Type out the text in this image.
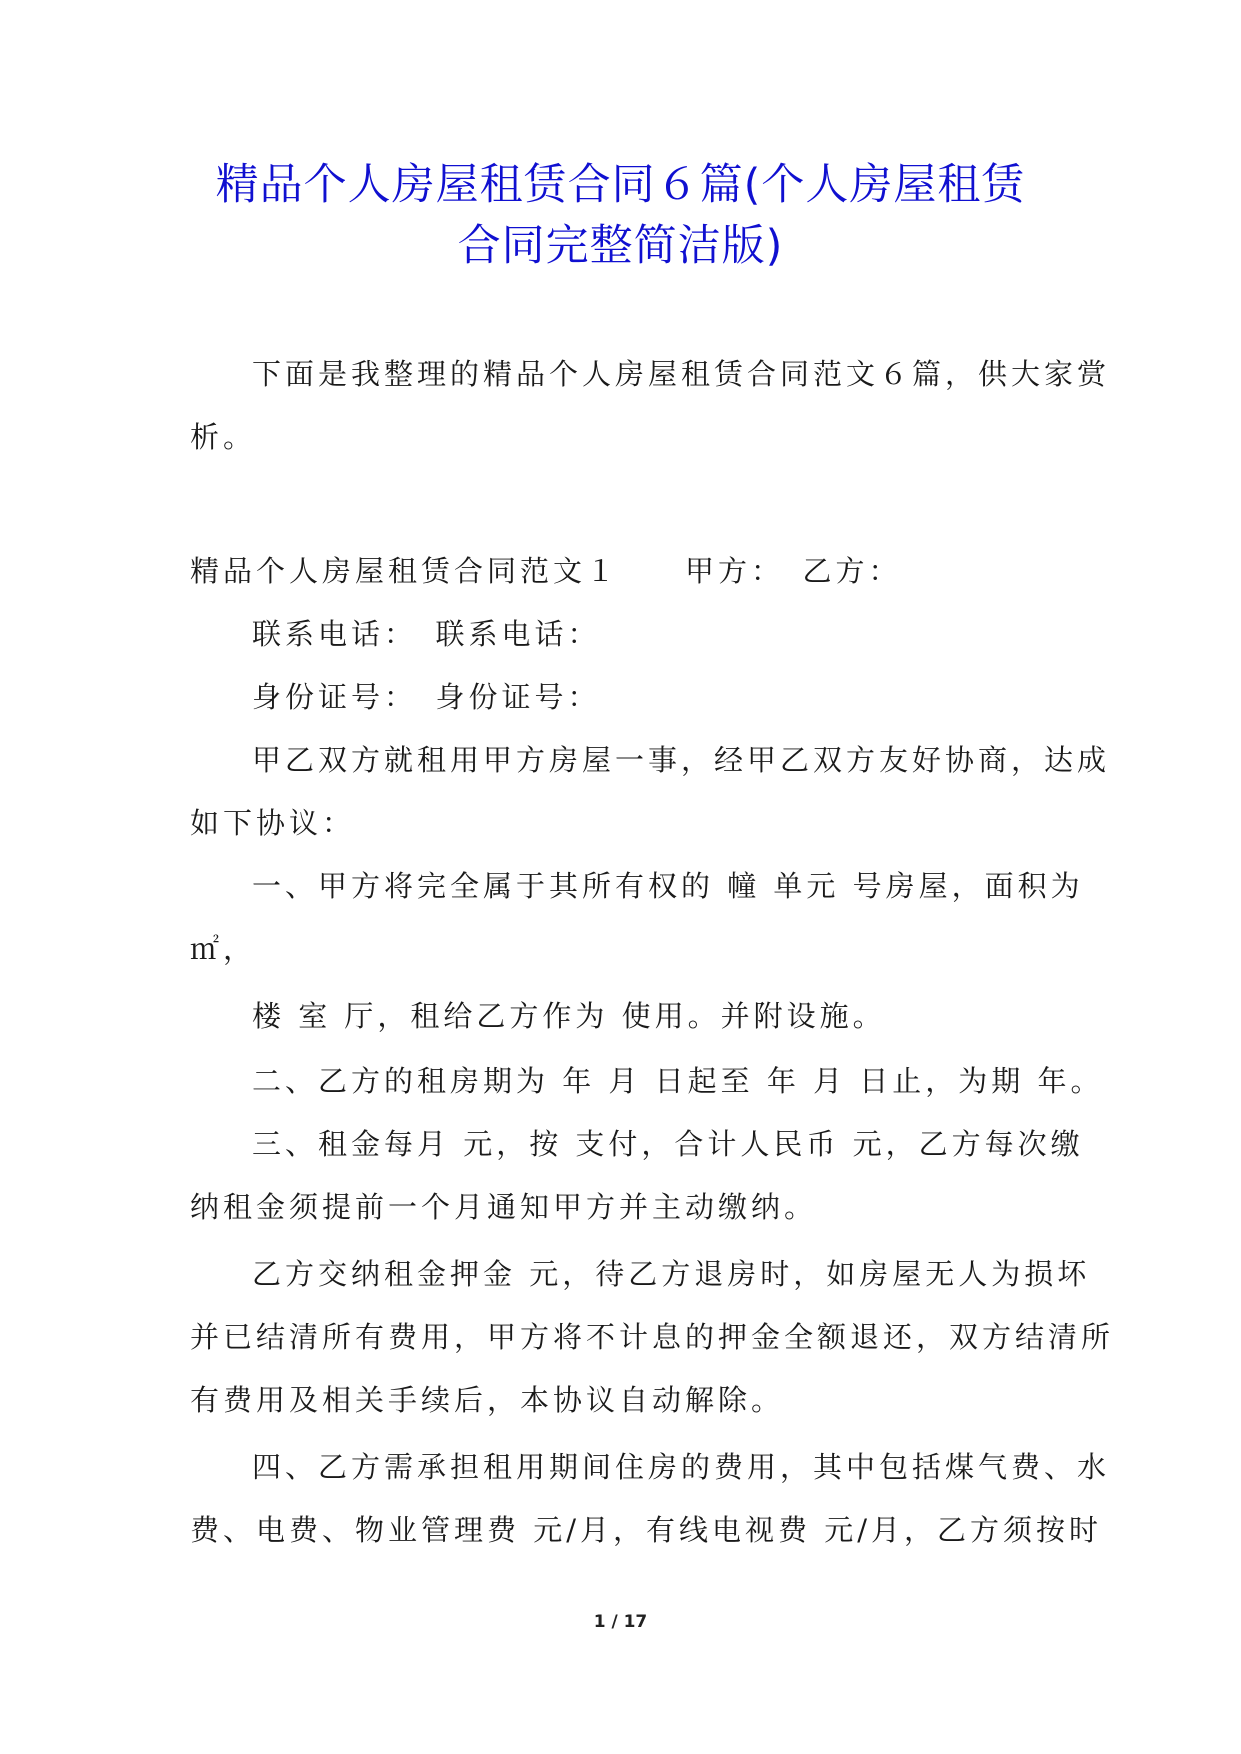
精品个人房屋租赁合同６篇(个人房屋租赁
合同完整简洁版)

下面是我整理的精品个人房屋租赁合同范文６篇，供大家赏

析。

精品个人房屋租赁合同范文１　　甲方：　乙方：

联系电话：　联系电话：

身份证号：　身份证号：

甲乙双方就租用甲方房屋一事，经甲乙双方友好协商，达成

如下协议：

一、甲方将完全属于其所有权的 幢 单元 号房屋，面积为

㎡，

楼 室 厅，租给乙方作为 使用。并附设施。

二、乙方的租房期为 年 月 日起至 年 月 日止，为期 年。

三、租金每月 元，按 支付，合计人民币 元，乙方每次缴

纳租金须提前一个月通知甲方并主动缴纳。

乙方交纳租金押金 元，待乙方退房时，如房屋无人为损坏

并已结清所有费用，甲方将不计息的押金全额退还，双方结清所

有费用及相关手续后，本协议自动解除。

四、乙方需承担租用期间住房的费用，其中包括煤气费、水

费、电费、物业管理费 元/月，有线电视费 元/月，乙方须按时

1 / 17
